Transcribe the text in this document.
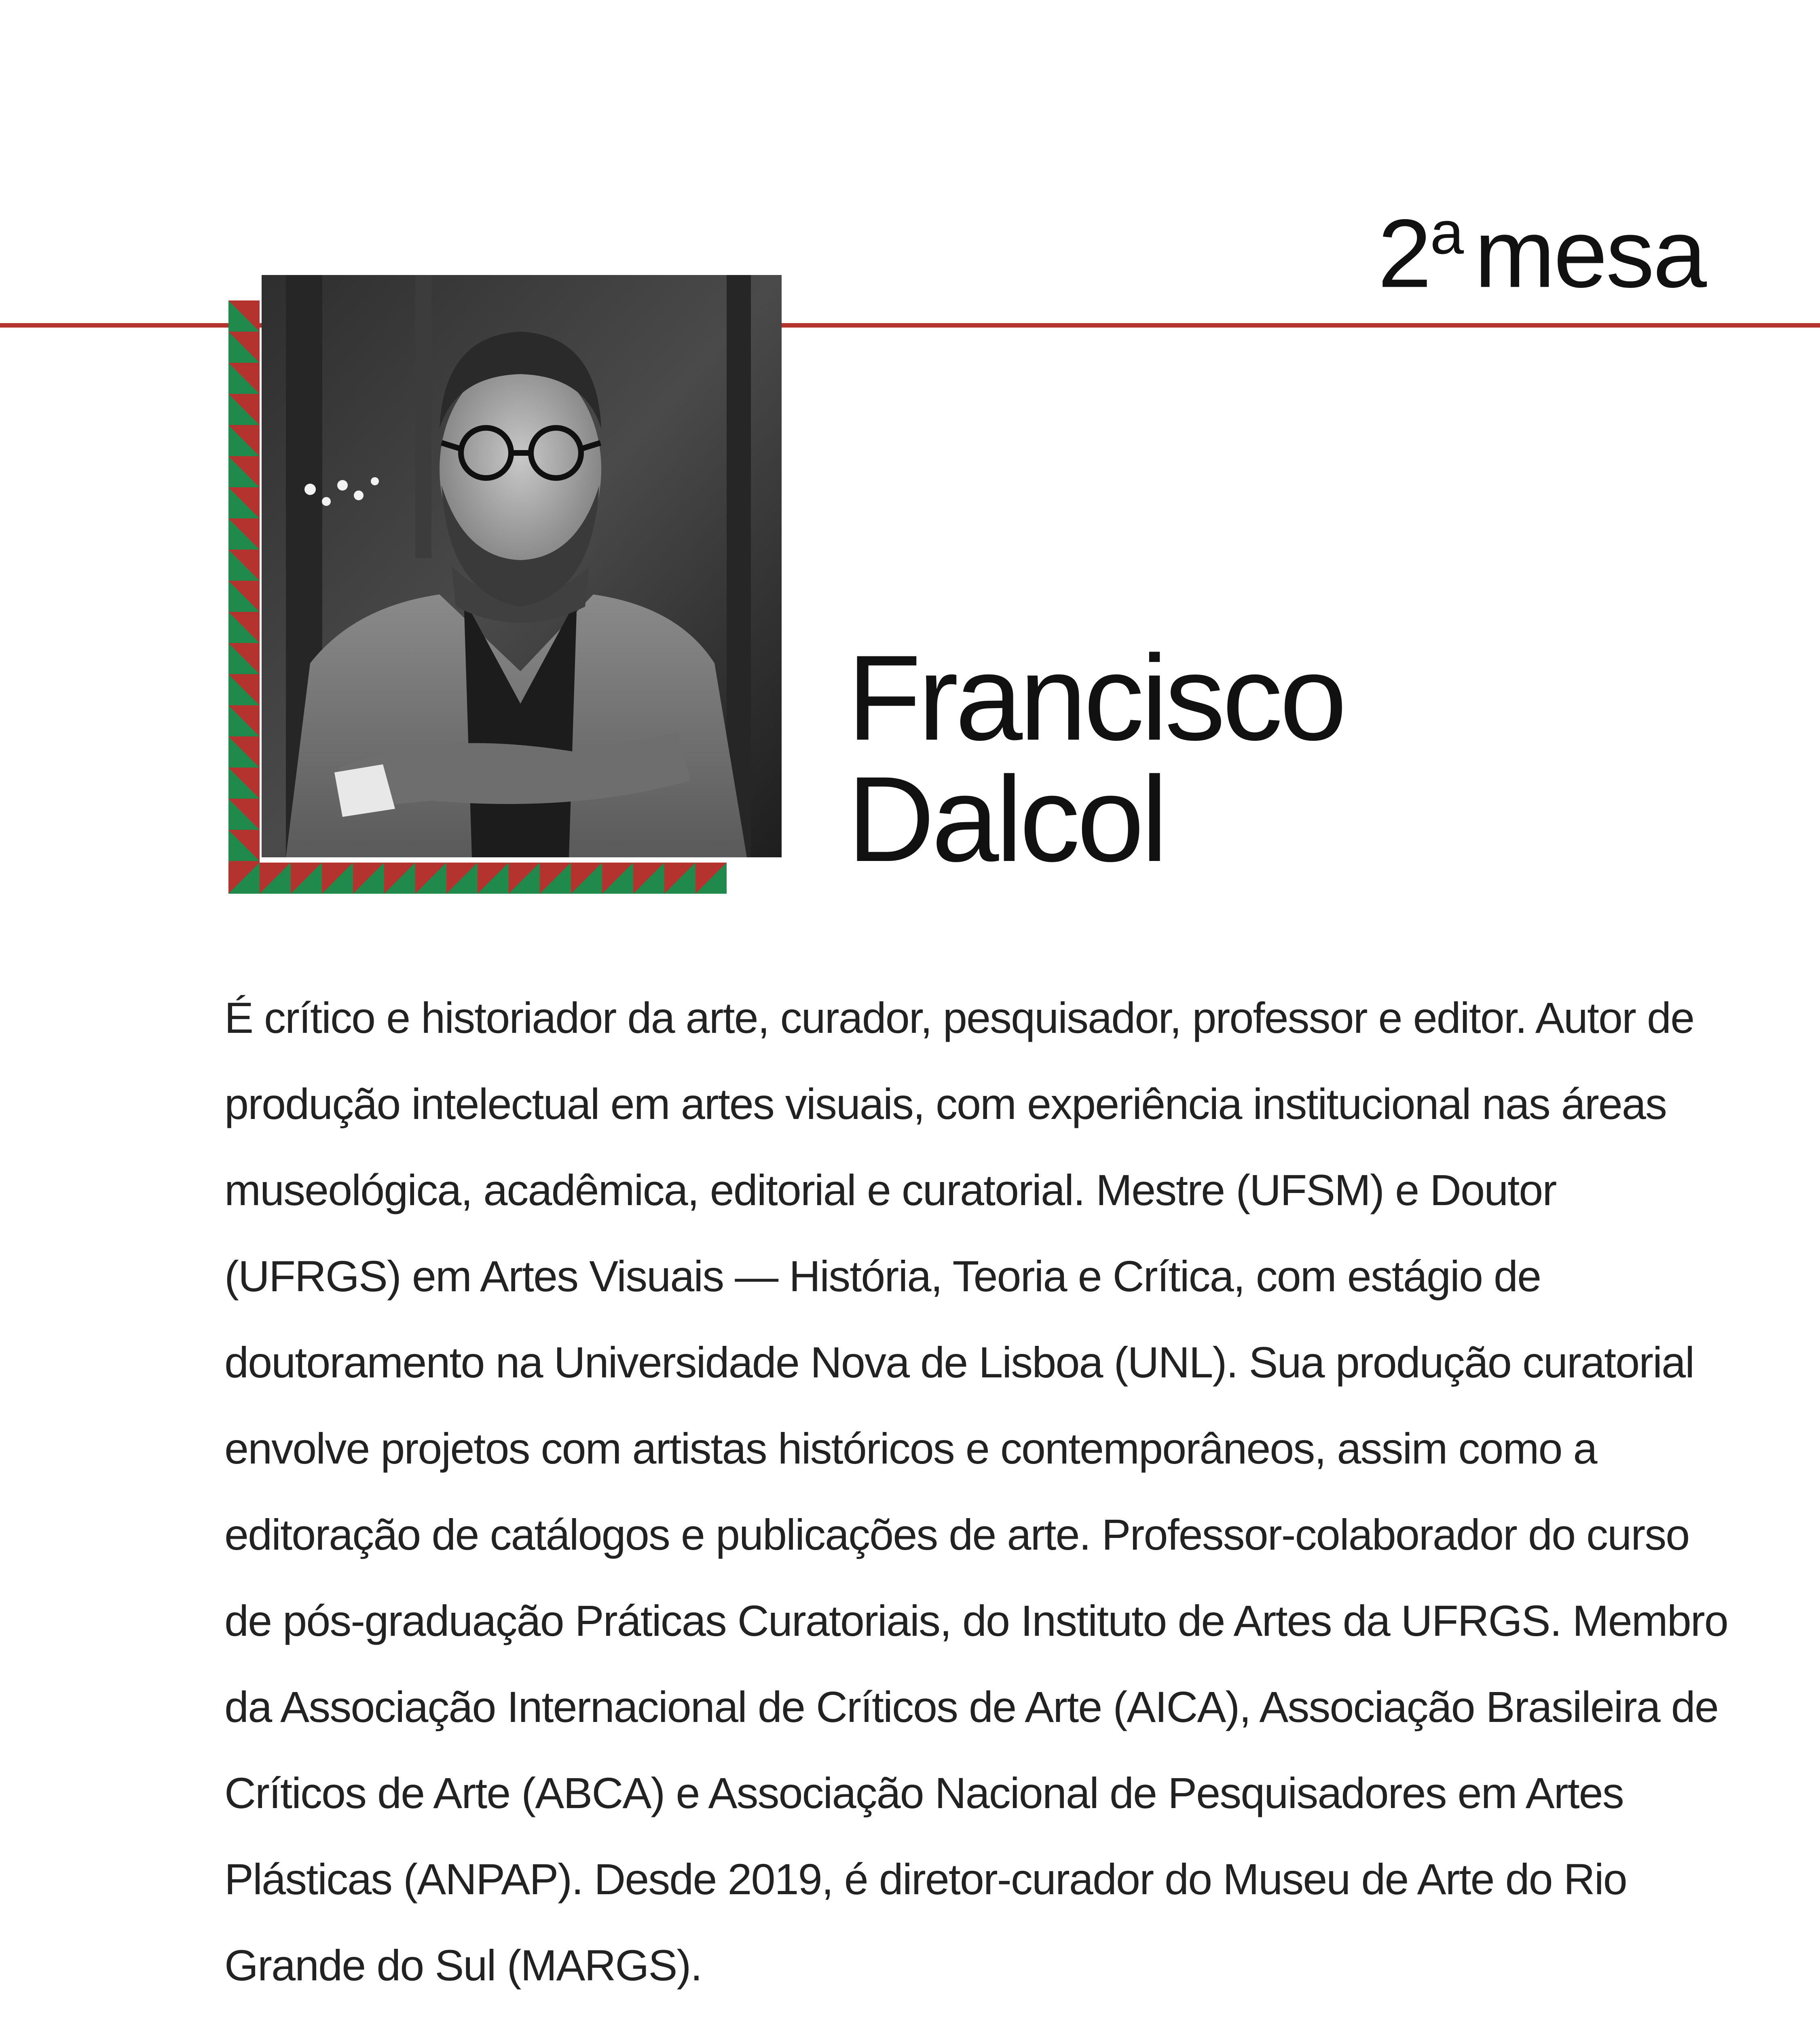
2$^a$ mesa
Francisco
Dalcol

É crítico e historiador da arte, curador, pesquisador, professor e editor. Autor de produção intelectual em artes visuais, com experiência institucional nas áreas museológica, acadêmica, editorial e curatorial. Mestre (UFSM) e Doutor (UFRGS) em Artes Visuais — História, Teoria e Crítica, com estágio de doutoramento na Universidade Nova de Lisboa (UNL). Sua produção curatorial envolve projetos com artistas históricos e contemporâneos, assim como a editoração de catálogos e publicações de arte. Professor-colaborador do curso de pós-graduação Práticas Curatoriais, do Instituto de Artes da UFRGS. Membro da Associação Internacional de Críticos de Arte (AICA), Associação Brasileira de Críticos de Arte (ABCA) e Associação Nacional de Pesquisadores em Artes Plásticas (ANPAP). Desde 2019, é diretor-curador do Museu de Arte do Rio Grande do Sul (MARGS).
